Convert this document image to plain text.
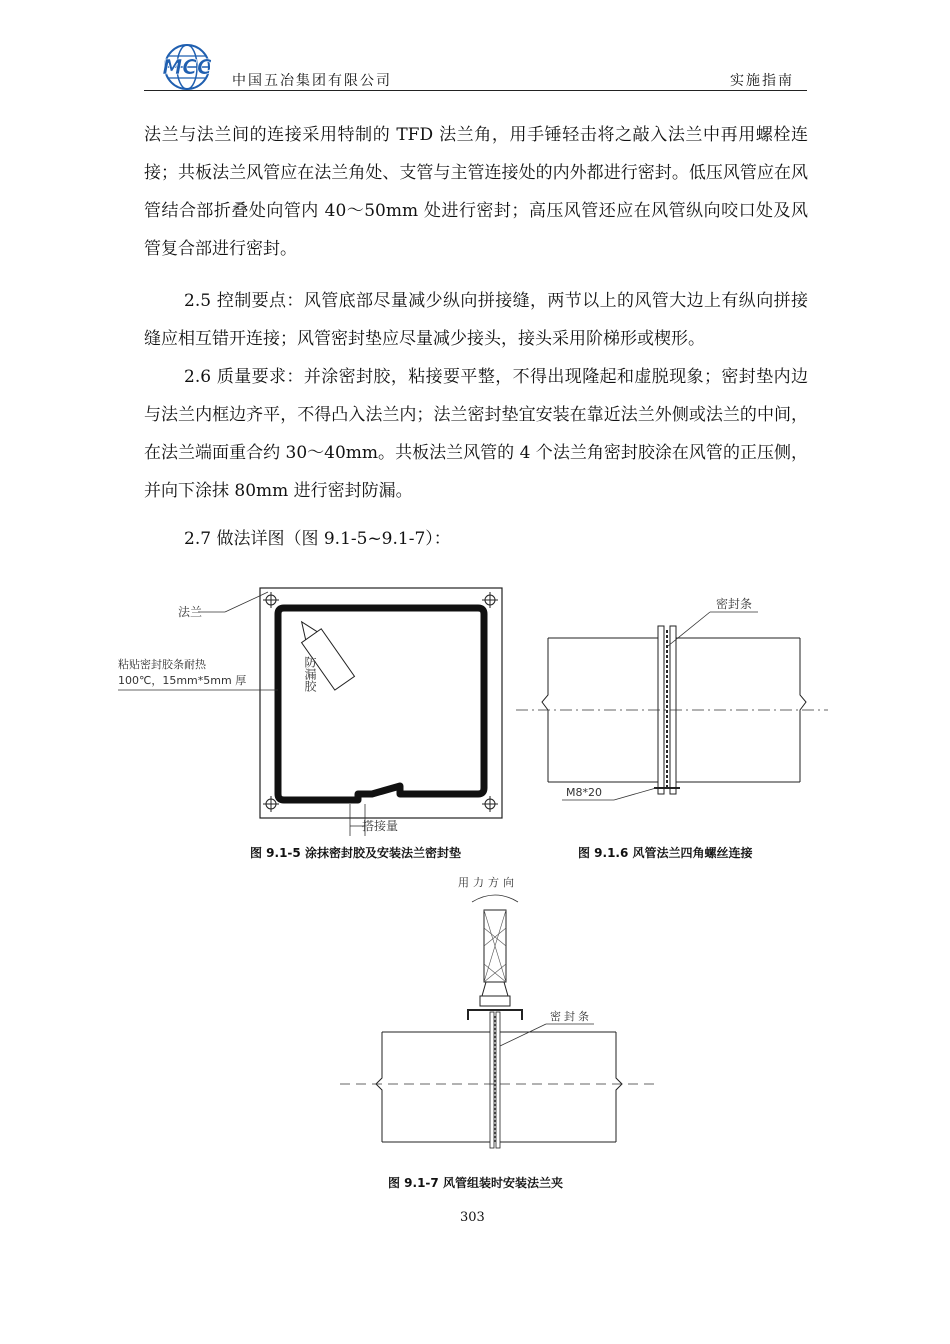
MCC
中国五冶集团有限公司	实施指南
法兰与法兰间的连接采用特制的 TFD 法兰角，用手锤轻击将之敲入法兰中再用螺栓连接；共板法兰风管应在法兰角处、支管与主管连接处的内外都进行密封。低压风管应在风管结合部折叠处向管内 40～50mm 处进行密封；高压风管还应在风管纵向咬口处及风管复合部进行密封。
2.5 控制要点：风管底部尽量减少纵向拼接缝，两节以上的风管大边上有纵向拼接缝应相互错开连接；风管密封垫应尽量减少接头，接头采用阶梯形或楔形。
2.6 质量要求：并涂密封胶，粘接要平整，不得出现隆起和虚脱现象；密封垫内边与法兰内框边齐平，不得凸入法兰内；法兰密封垫宜安装在靠近法兰外侧或法兰的中间，在法兰端面重合约 30～40mm。共板法兰风管的 4 个法兰角密封胶涂在风管的正压侧，并向下涂抹 80mm 进行密封防漏。
2.7 做法详图（图 9.1-5~9.1-7）：
防漏胶
法兰
粘贴密封胶条耐热
100℃，15mm*5mm 厚
搭接量
图 9.1-5 涂抹密封胶及安装法兰密封垫
密封条
M8*20
图 9.1.6 风管法兰四角螺丝连接
用力方向
密封条
图 9.1-7 风管组装时安装法兰夹
303
